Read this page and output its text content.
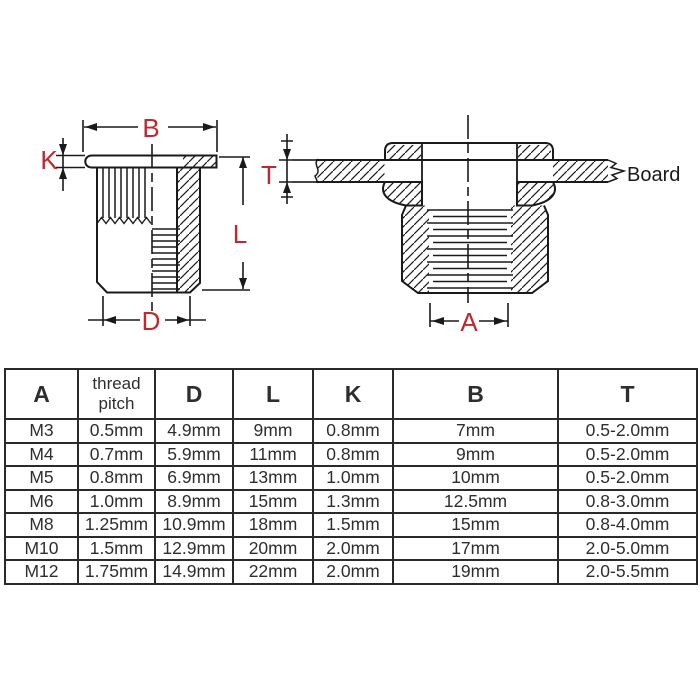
B
K
L
D
T
A
Board
A	thread pitch	D	L	K	B	T
M3	0.5mm	4.9mm	9mm	0.8mm	7mm	0.5-2.0mm
M4	0.7mm	5.9mm	11mm	0.8mm	9mm	0.5-2.0mm
M5	0.8mm	6.9mm	13mm	1.0mm	10mm	0.5-2.0mm
M6	1.0mm	8.9mm	15mm	1.3mm	12.5mm	0.8-3.0mm
M8	1.25mm	10.9mm	18mm	1.5mm	15mm	0.8-4.0mm
M10	1.5mm	12.9mm	20mm	2.0mm	17mm	2.0-5.0mm
M12	1.75mm	14.9mm	22mm	2.0mm	19mm	2.0-5.5mm
